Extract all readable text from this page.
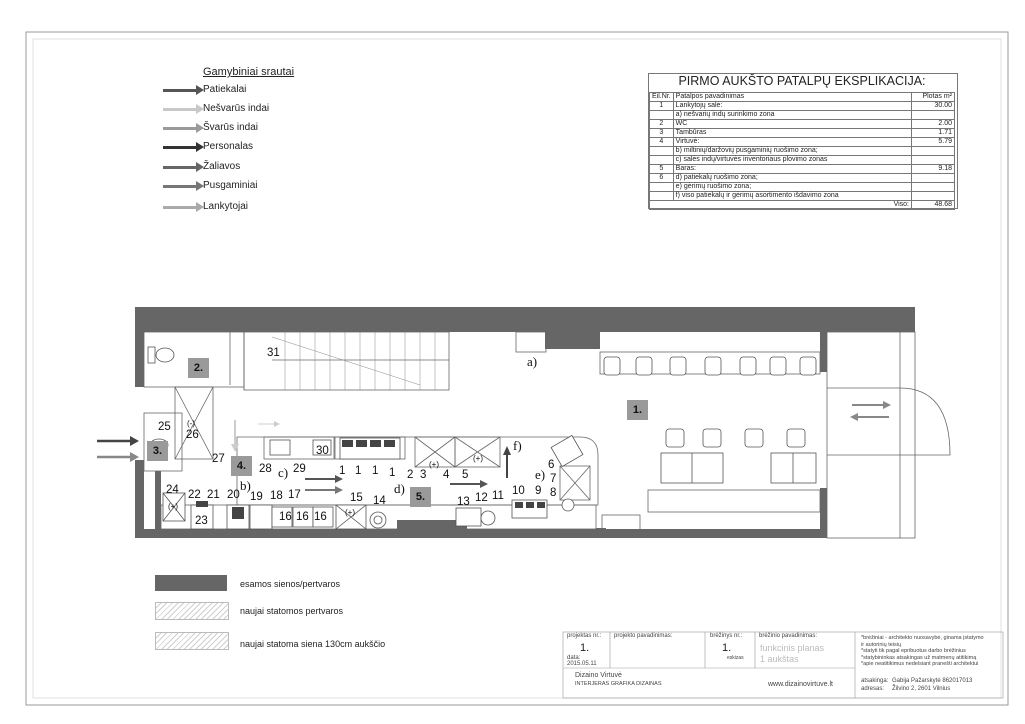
Gamybiniai srautai
Patiekalai
Nešvarūs indai
Švarūs indai
Personalas
Žaliavos
Pusgaminiai
Lankytojai
PIRMO AUKŠTO PATALPŲ EKSPLIKACIJA:
Eil.Nr.	Patalpos pavadinimas	Plotas m²
1	Lankytojų salė:	30.00
	a) nešvarių indų surinkimo zona	
2	WC	2.00
3	Tambūras	1.71
4	Virtuvė:	5.79
	b) miltinių/daržovių pusgaminių ruošimo zona;	
	c) salės indų/virtuvės inventoriaus plovimo zonas	
5	Baras:	9.18
6	d) patiekalų ruošimo zona;	
	e) gėrimų ruošimo zona;	
	f) viso patiekalų ir gėrimų asortimento išdavimo zona	
Viso:		48.68
1.
2.
3.
4.
5.
a)
b)
c)
d)
e)
f)
31
25
26
27
28 29
30
1 1 1 1 2 3 4 5
6
7
8
9
10
11
12
13
14
15
16 16 16
17
18
19
20
21
22
23
24
(-)
(+)
(+)
(+)
(+)
esamos sienos/pertvaros
naujai statomos pertvaros
naujai statoma siena 130cm aukščio
projektas nr.:
1.
data:
2015.05.11
projekto pavadinimas:	brėžinys nr.:
1.
eskizas
brėžinio pavadinimas:
funkcinis planas
1 aukštas
Dizaino Virtuvė
INTERJERAS GRAFIKA DIZAINAS	www.dizainovirtuve.lt
*brėžiniai - architekto nuosavybė, ginama įstatymo
ir autorinių teisių
*statyti tik pagal epribuotus darbo brėžinius
*statybininkas atsakingas už matmenų atitikimą
*apie neatitikimus nedelsiant pranešti architektui
atsakinga: Gabija Pažarskytė 862017013
adresas: Žilvino 2, 2601 Vilnius
